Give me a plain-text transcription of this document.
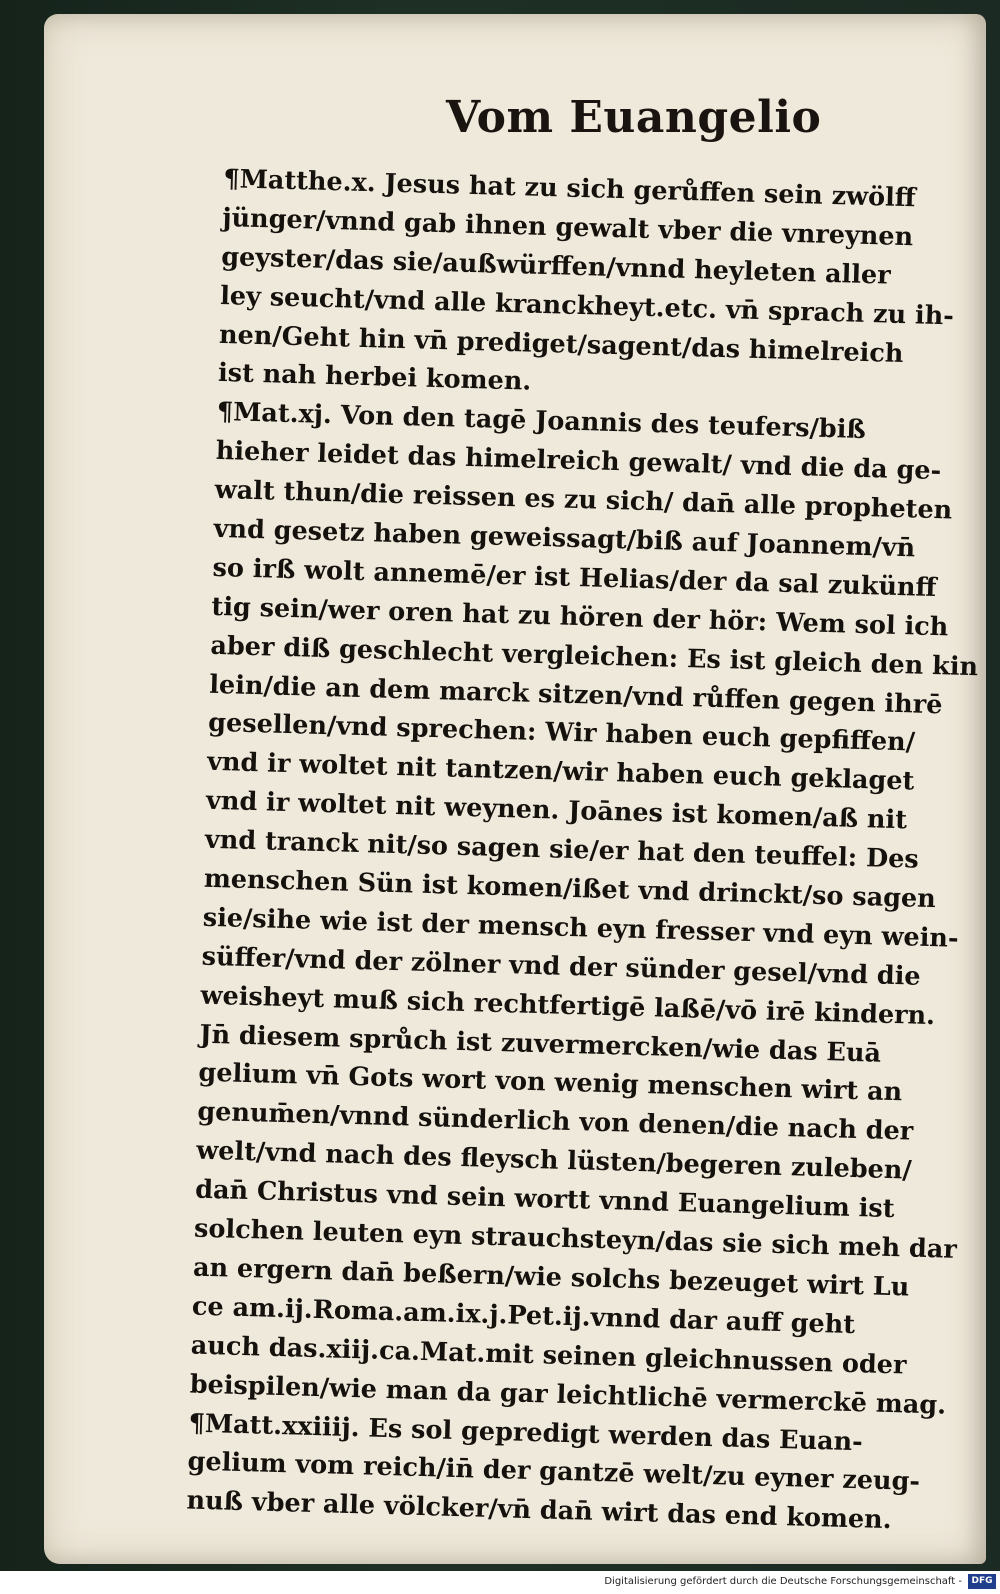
Vom Euangelio
¶Matthe.x. Jesus hat zu sich gerůffen sein zwölff
jünger/vnnd gab ihnen gewalt vber die vnreynen
geyster/das sie/außwürffen/vnnd heyleten aller
ley seucht/vnd alle kranckheyt.etc. vn̄ sprach zu ih-
nen/Geht hin vn̄ prediget/sagent/das himelreich
ist nah herbei komen.
¶Mat.xj. Von den tagē Joannis des teufers/biß
hieher leidet das himelreich gewalt/ vnd die da ge-
walt thun/die reissen es zu sich/ dan̄ alle propheten
vnd gesetz haben geweissagt/biß auf Joannem/vn̄
so irß wolt annemē/er ist Helias/der da sal zukünff
tig sein/wer oren hat zu hören der hör: Wem sol ich
aber diß geschlecht vergleichen: Es ist gleich den kin
lein/die an dem marck sitzen/vnd růffen gegen ihrē
gesellen/vnd sprechen: Wir haben euch gepfiffen/
vnd ir woltet nit tantzen/wir haben euch geklaget
vnd ir woltet nit weynen. Joānes ist komen/aß nit
vnd tranck nit/so sagen sie/er hat den teuffel: Des
menschen Sün ist komen/ißet vnd drinckt/so sagen
sie/sihe wie ist der mensch eyn fresser vnd eyn wein-
süffer/vnd der zölner vnd der sünder gesel/vnd die
weisheyt muß sich rechtfertigē laßē/vō irē kindern.
Jn̄ diesem sprůch ist zuvermercken/wie das Euā
gelium vn̄ Gots wort von wenig menschen wirt an
genum̄en/vnnd sünderlich von denen/die nach der
welt/vnd nach des fleysch lüsten/begeren zuleben/
dan̄ Christus vnd sein wortt vnnd Euangelium ist
solchen leuten eyn strauchsteyn/das sie sich meh dar
an ergern dan̄ beßern/wie solchs bezeuget wirt Lu
ce am.ij.Roma.am.ix.j.Pet.ij.vnnd dar auff geht
auch das.xiij.ca.Mat.mit seinen gleichnussen oder
beispilen/wie man da gar leichtlichē vermerckē mag.
¶Matt.xxiiij. Es sol gepredigt werden das Euan-
gelium vom reich/in̄ der gantzē welt/zu eyner zeug-
nuß vber alle völcker/vn̄ dan̄ wirt das end komen.
Digitalisierung gefördert durch die Deutsche Forschungsgemeinschaft -	DFG
